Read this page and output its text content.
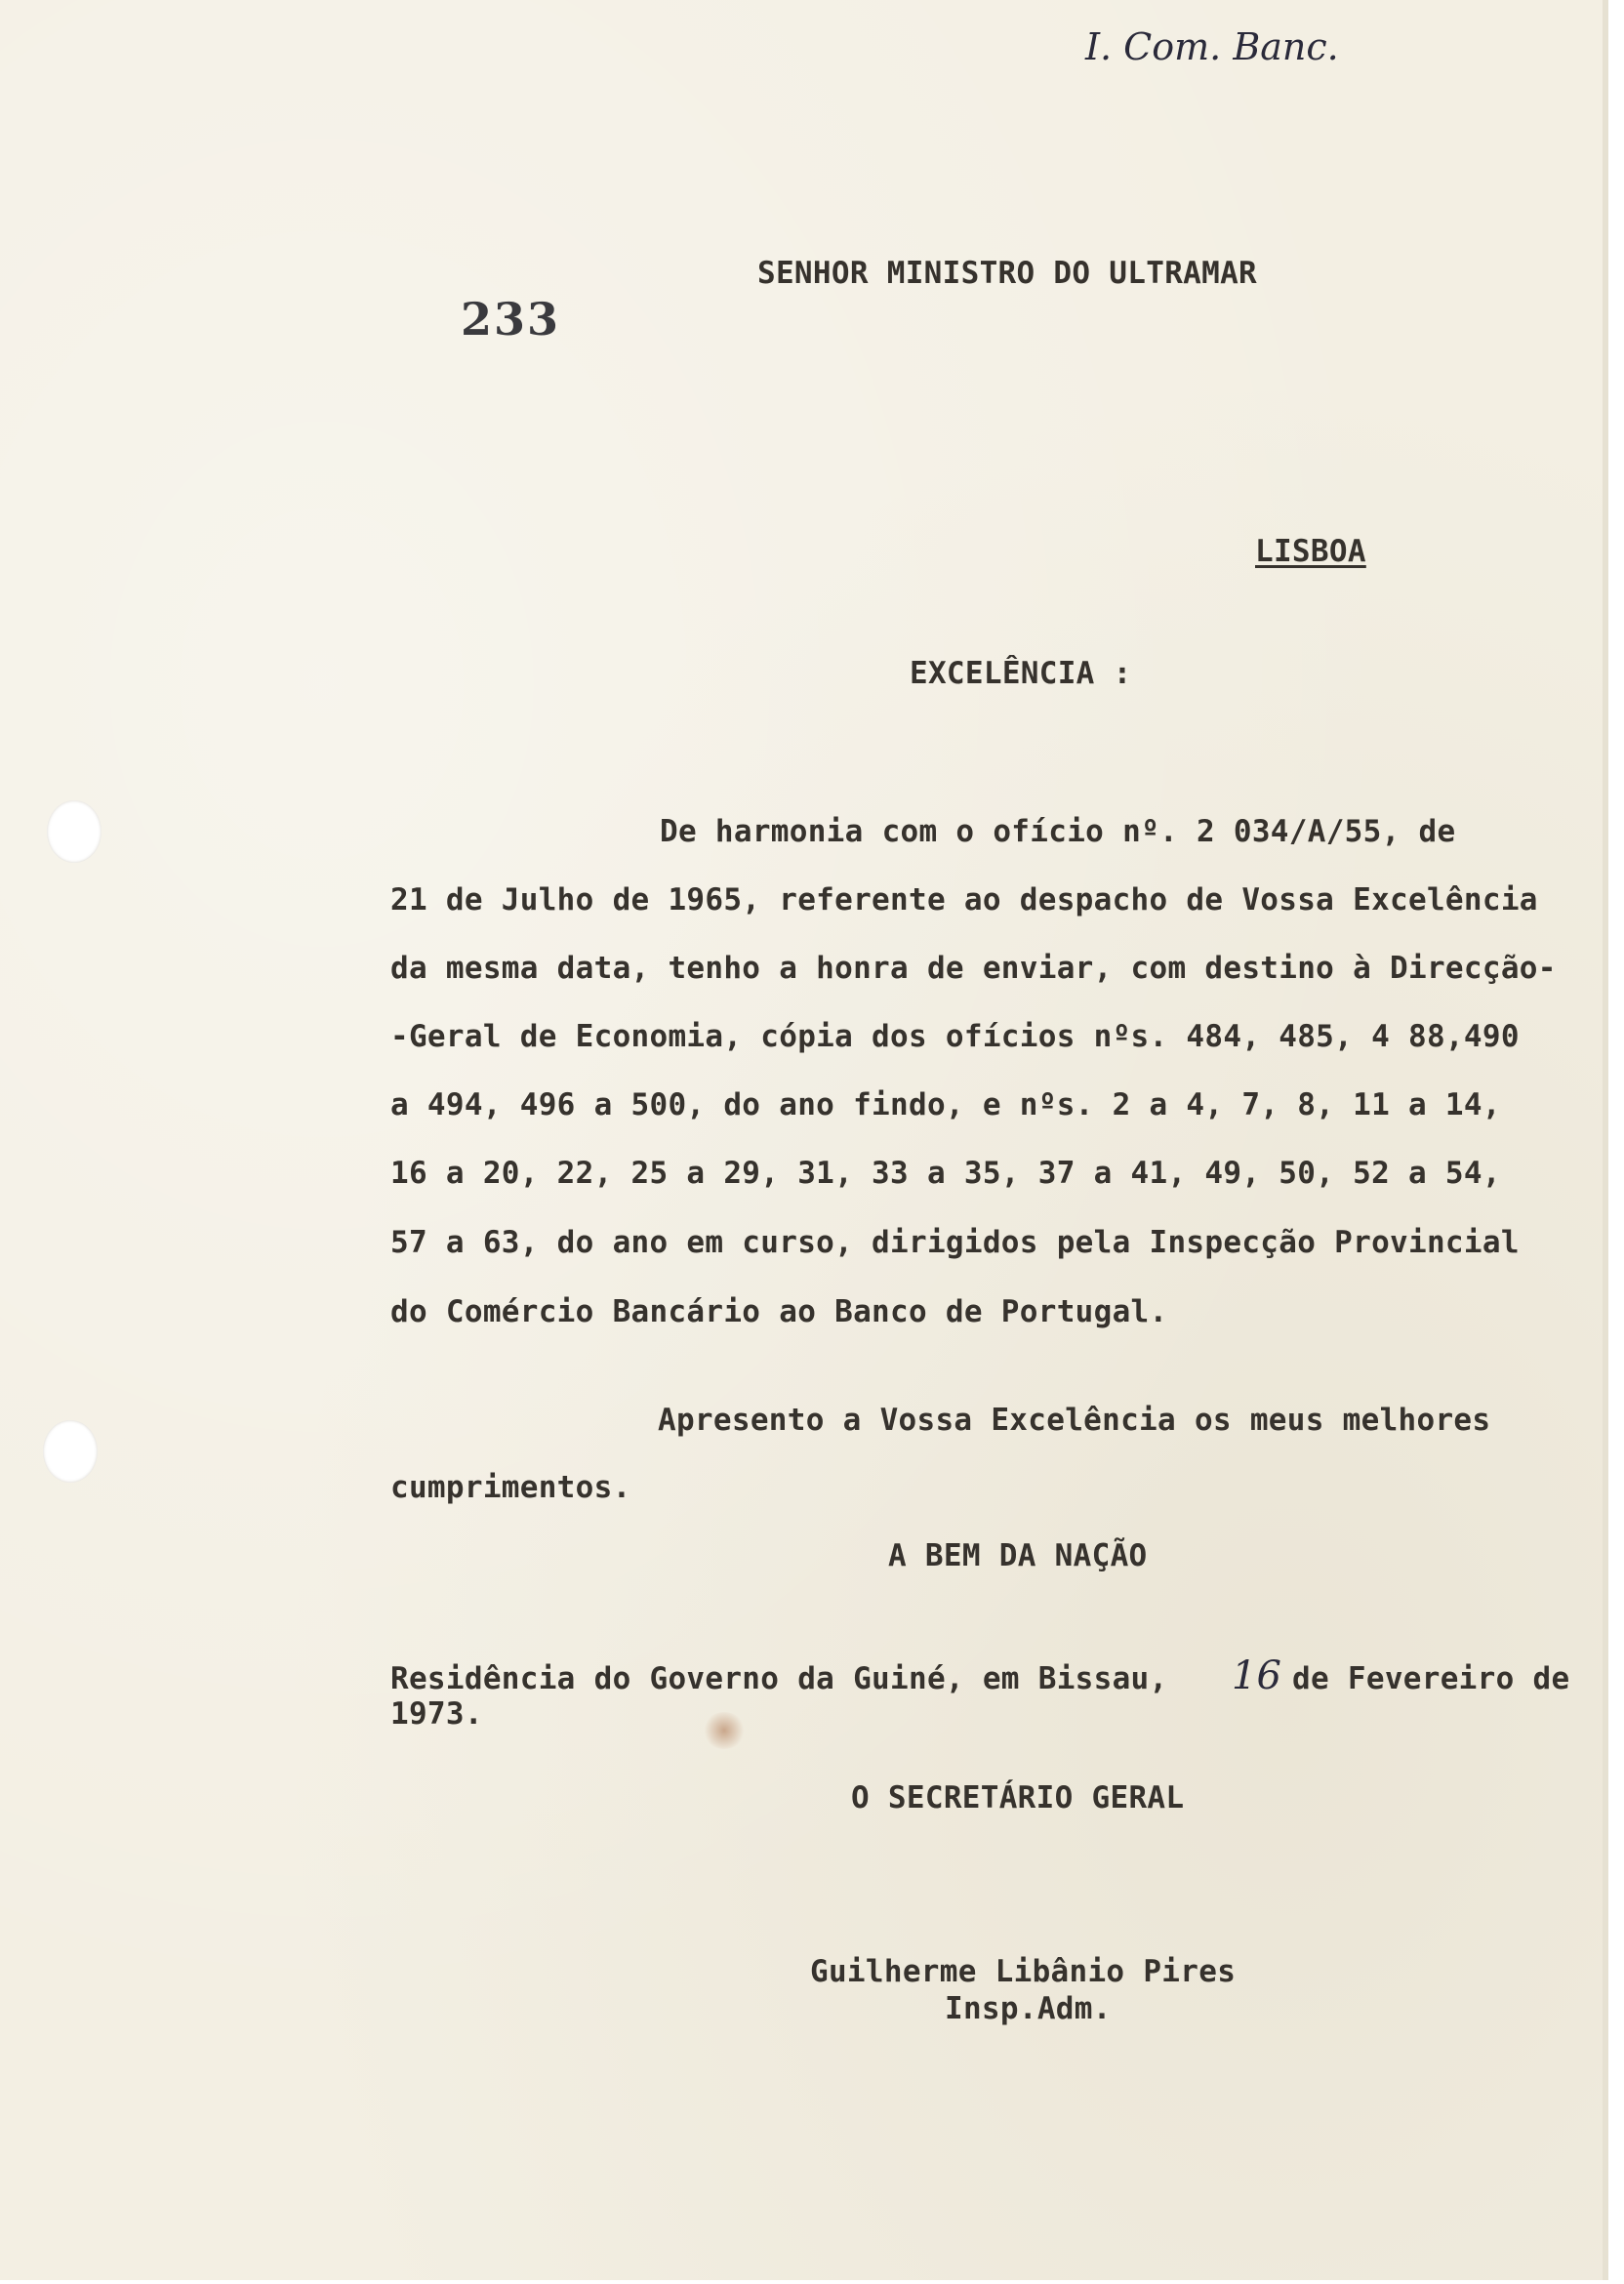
I. Com. Banc.
233
SENHOR MINISTRO DO ULTRAMAR
LISBOA
EXCELÊNCIA :
De harmonia com o ofício nº. 2 034/A/55, de
21 de Julho de 1965, referente ao despacho de Vossa Excelência
da mesma data, tenho a honra de enviar, com destino à Direcção-
-Geral de Economia, cópia dos ofícios nºs. 484, 485, 4 88,490
a 494, 496 a 500, do ano findo, e nºs. 2 a 4, 7, 8, 11 a 14,
16 a 20, 22, 25 a 29, 31, 33 a 35, 37 a 41, 49, 50, 52 a 54,
57 a 63, do ano em curso, dirigidos pela Inspecção Provincial
do Comércio Bancário ao Banco de Portugal.
Apresento a Vossa Excelência os meus melhores
cumprimentos.
A BEM DA NAÇÃO
Residência do Governo da Guiné, em Bissau, 16 de Fevereiro de
1973.
O SECRETÁRIO GERAL
Guilherme Libânio Pires
Insp.Adm.
